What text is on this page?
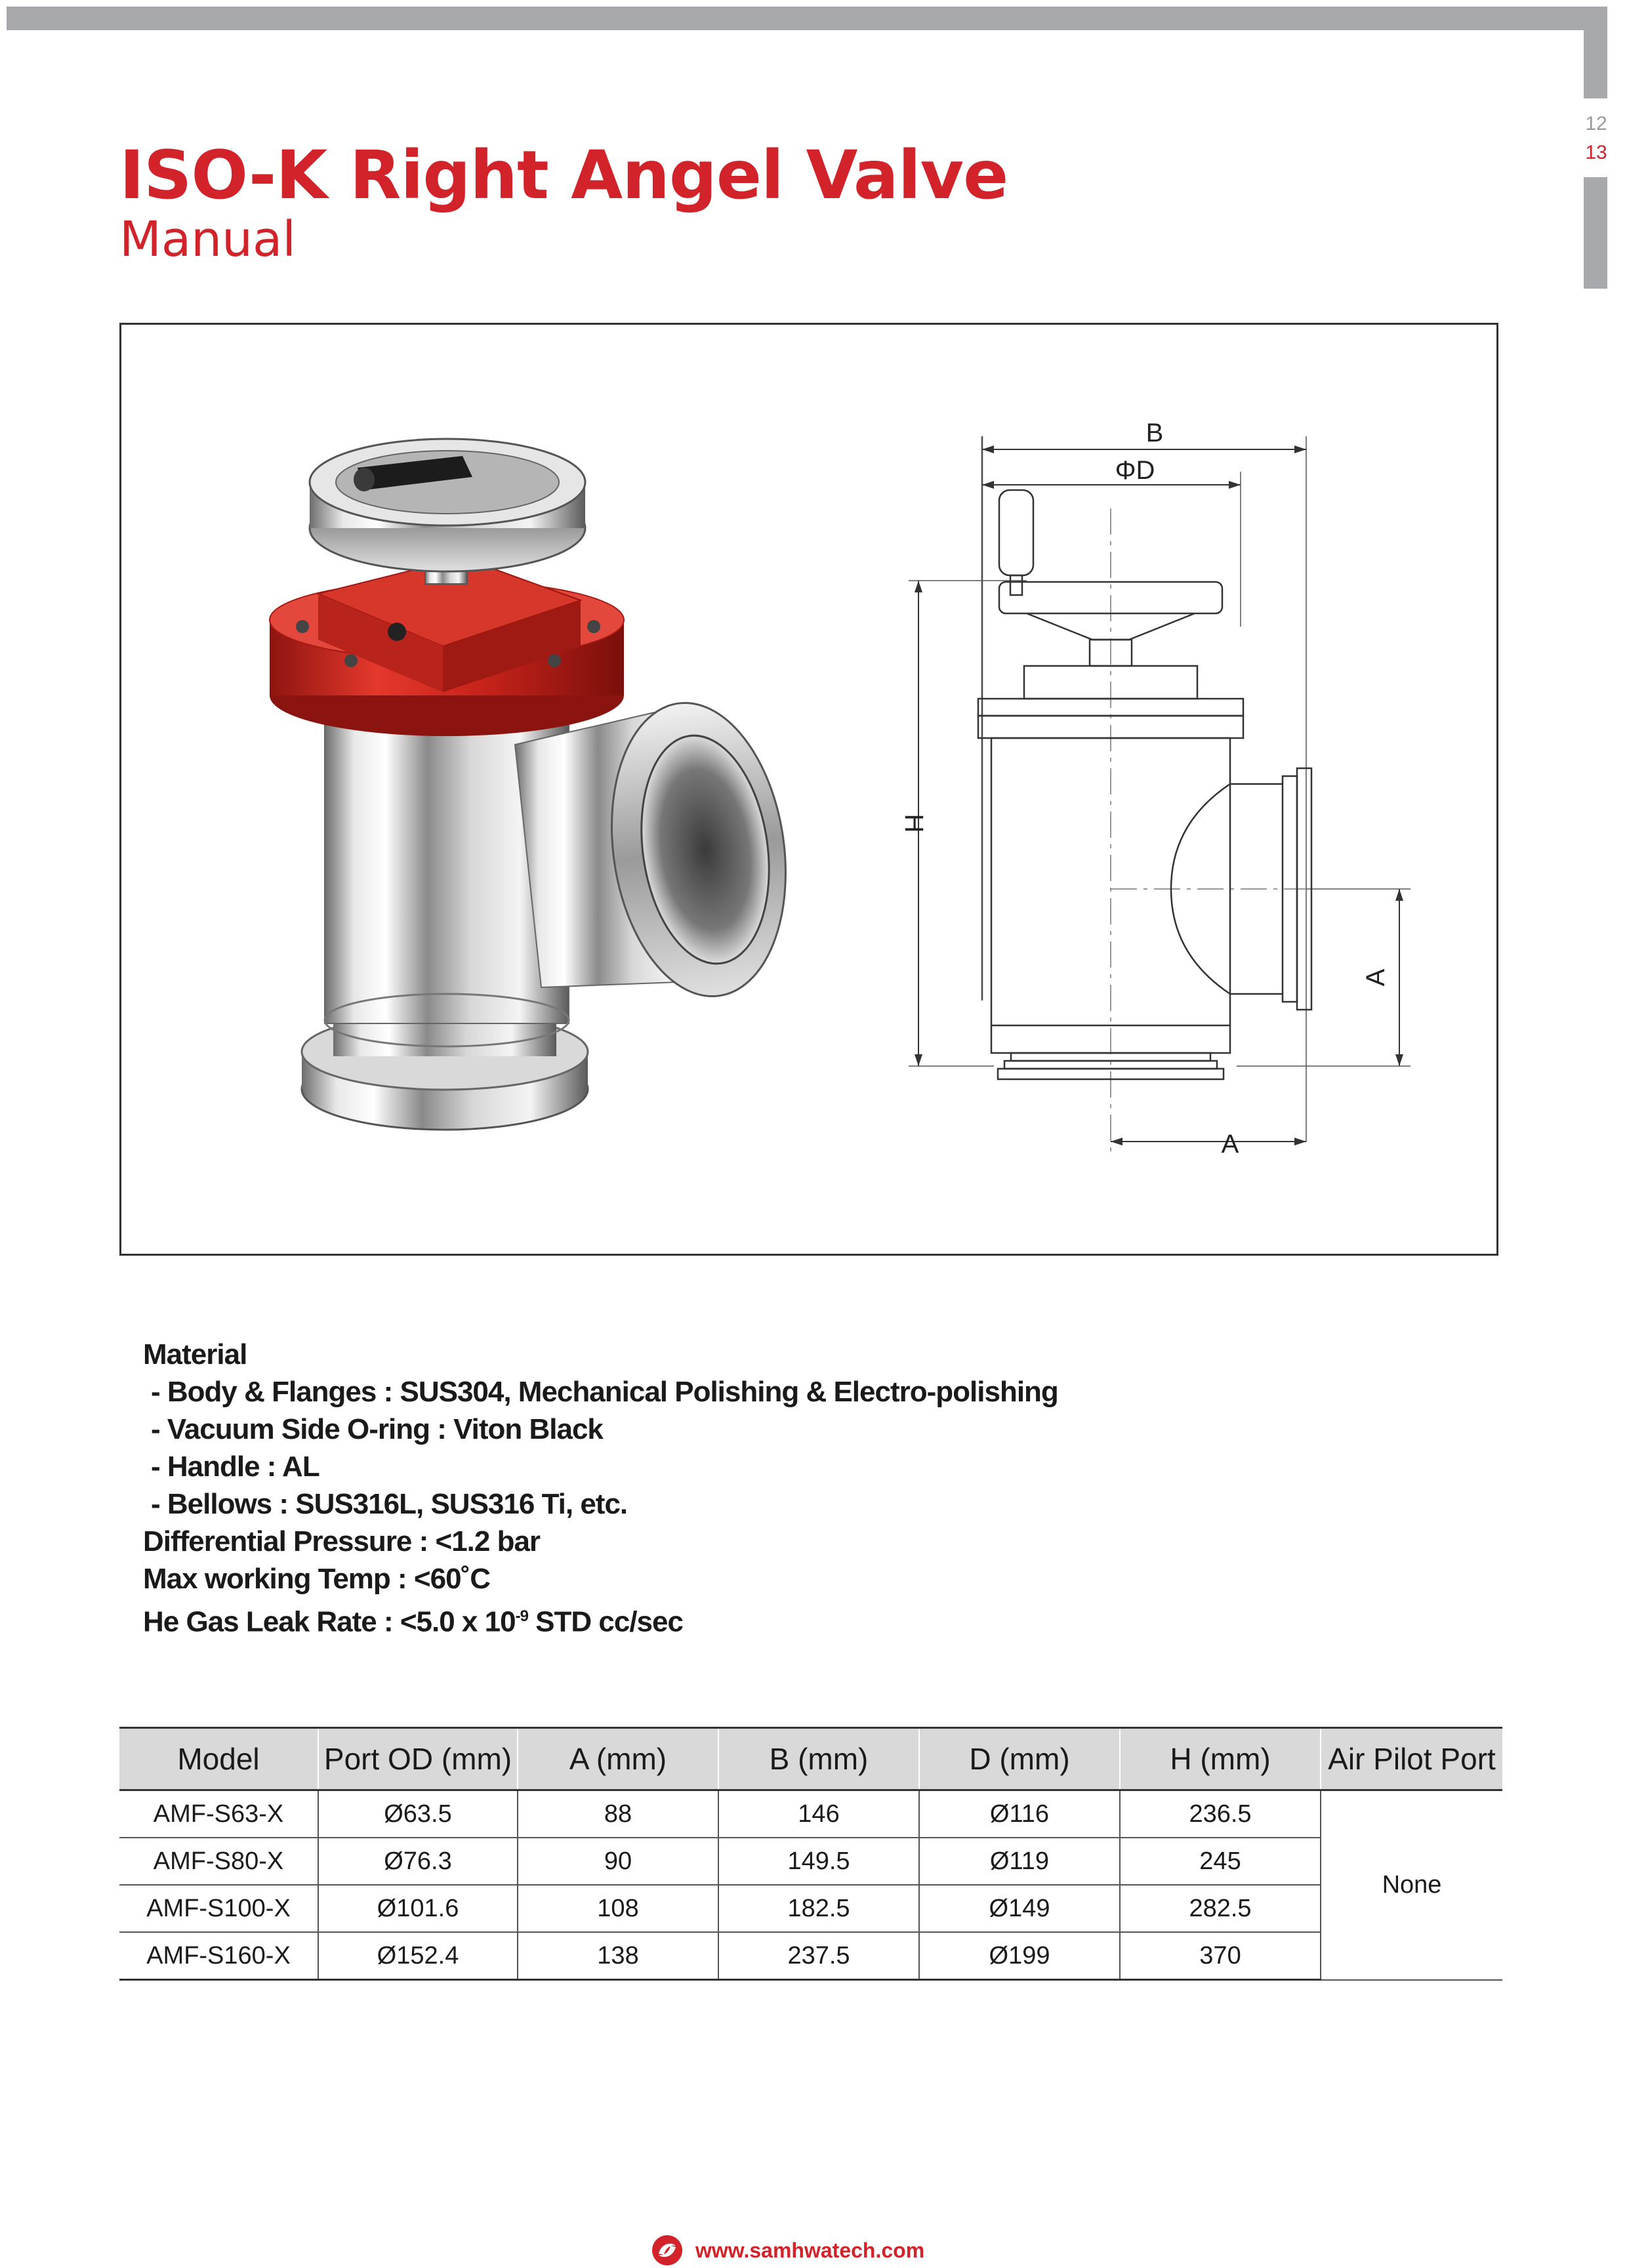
12
13
ISO-K Right Angel Valve
Manual
B
ΦD
H
A
A
Material
- Body & Flanges : SUS304, Mechanical Polishing & Electro-polishing
- Vacuum Side O-ring : Viton Black
- Handle : AL
- Bellows : SUS316L, SUS316 Ti, etc.
Differential Pressure : <1.2 bar
Max working Temp : <60˚C
He Gas Leak Rate : <5.0 x $10^{-9}$ STD cc/sec
Model	Port OD (mm)	A (mm)	B (mm)	D (mm)	H (mm)	Air Pilot Port
AMF-S63-X	Ø63.5	88	146	Ø116	236.5	None
AMF-S80-X	Ø76.3	90	149.5	Ø119	245	
AMF-S100-X	Ø101.6	108	182.5	Ø149	282.5	
AMF-S160-X	Ø152.4	138	237.5	Ø199	370	
www.samhwatech.com
